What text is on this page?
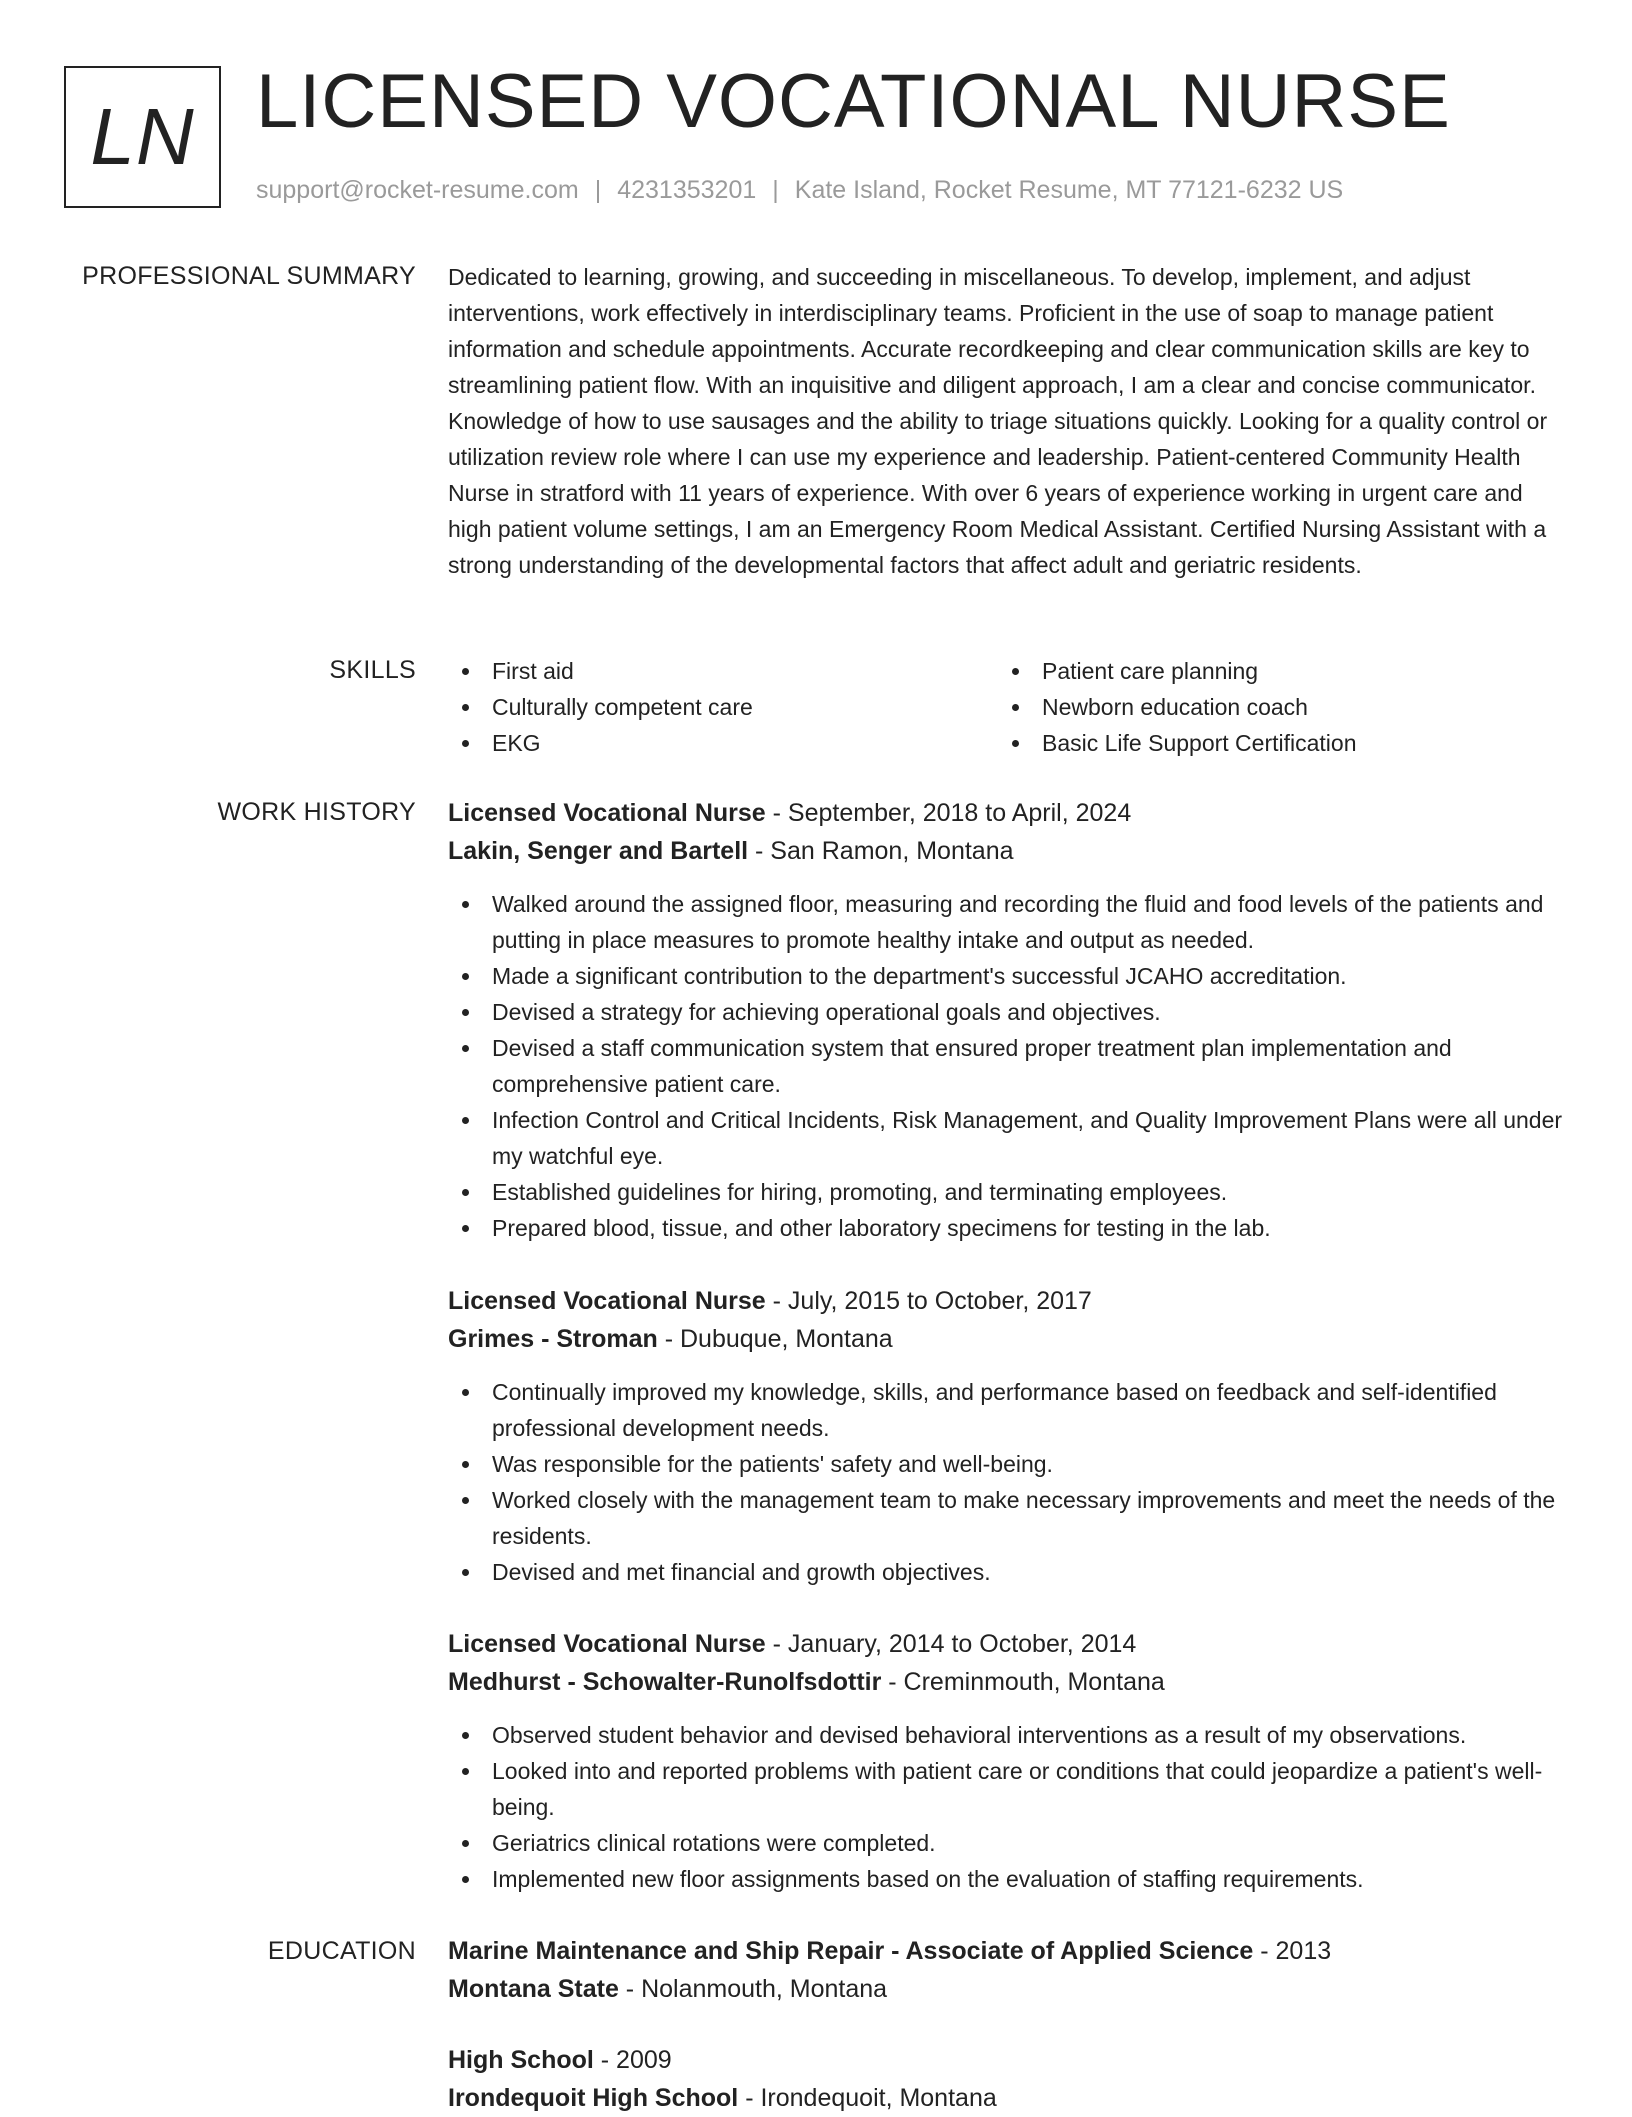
LN LICENSED VOCATIONAL NURSE
support@rocket-resume.com | 4231353201 | Kate Island, Rocket Resume, MT 77121-6232 US
PROFESSIONAL SUMMARY Dedicated to learning, growing, and succeeding in miscellaneous. To develop, implement, and adjust interventions, work effectively in interdisciplinary teams. Proficient in the use of soap to manage patient information and schedule appointments. Accurate recordkeeping and clear communication skills are key to streamlining patient flow. With an inquisitive and diligent approach, I am a clear and concise communicator. Knowledge of how to use sausages and the ability to triage situations quickly. Looking for a quality control or utilization review role where I can use my experience and leadership. Patient-centered Community Health Nurse in stratford with 11 years of experience. With over 6 years of experience working in urgent care and high patient volume settings, I am an Emergency Room Medical Assistant. Certified Nursing Assistant with a strong understanding of the developmental factors that affect adult and geriatric residents.

SKILLS	First aid
Culturally competent care
EKG
Patient care planning
Newborn education coach
Basic Life Support Certification
WORK HISTORY Licensed Vocational Nurse - September, 2018 to April, 2024
Lakin, Senger and Bartell - San Ramon, Montana
Walked around the assigned floor, measuring and recording the fluid and food levels of the patients and putting in place measures to promote healthy intake and output as needed.
Made a significant contribution to the department's successful JCAHO accreditation.
Devised a strategy for achieving operational goals and objectives.
Devised a staff communication system that ensured proper treatment plan implementation and comprehensive patient care.
Infection Control and Critical Incidents, Risk Management, and Quality Improvement Plans were all under my watchful eye.
Established guidelines for hiring, promoting, and terminating employees.
Prepared blood, tissue, and other laboratory specimens for testing in the lab.
Licensed Vocational Nurse - July, 2015 to October, 2017
Grimes - Stroman - Dubuque, Montana
Continually improved my knowledge, skills, and performance based on feedback and self-identified professional development needs.
Was responsible for the patients' safety and well-being.
Worked closely with the management team to make necessary improvements and meet the needs of the residents.
Devised and met financial and growth objectives.
Licensed Vocational Nurse - January, 2014 to October, 2014
Medhurst - Schowalter-Runolfsdottir - Creminmouth, Montana
Observed student behavior and devised behavioral interventions as a result of my observations.
Looked into and reported problems with patient care or conditions that could jeopardize a patient's well-being.
Geriatrics clinical rotations were completed.
Implemented new floor assignments based on the evaluation of staffing requirements.
EDUCATION Marine Maintenance and Ship Repair - Associate of Applied Science - 2013
Montana State - Nolanmouth, Montana
High School - 2009
Irondequoit High School - Irondequoit, Montana
